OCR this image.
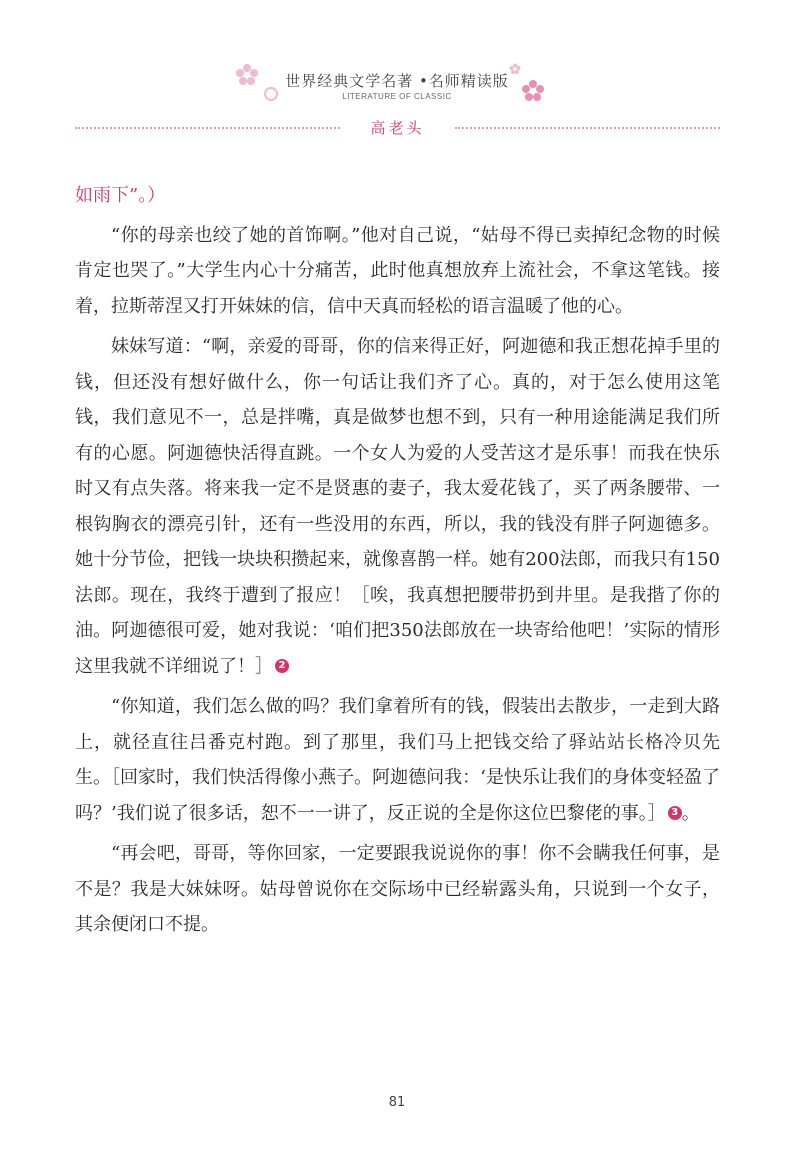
世界经典文学名著 •名师精读版
LITERATURE OF CLASSIC
高老头

如雨下”。）

“你的母亲也绞了她的首饰啊。”他对自己说，“姑母不得已卖掉纪念物的时候肯定也哭了。”大学生内心十分痛苦，此时他真想放弃上流社会，不拿这笔钱。接着，拉斯蒂涅又打开妹妹的信，信中天真而轻松的语言温暖了他的心。

妹妹写道：“啊，亲爱的哥哥，你的信来得正好，阿迦德和我正想花掉手里的钱，但还没有想好做什么，你一句话让我们齐了心。真的，对于怎么使用这笔钱，我们意见不一，总是拌嘴，真是做梦也想不到，只有一种用途能满足我们所有的心愿。阿迦德快活得直跳。一个女人为爱的人受苦这才是乐事！而我在快乐时又有点失落。将来我一定不是贤惠的妻子，我太爱花钱了，买了两条腰带、一根钩胸衣的漂亮引针，还有一些没用的东西，所以，我的钱没有胖子阿迦德多。她十分节俭，把钱一块块积攒起来，就像喜鹊一样。她有200法郎，而我只有150法郎。现在，我终于遭到了报应！［唉，我真想把腰带扔到井里。是我揩了你的油。阿迦德很可爱，她对我说：‘咱们把350法郎放在一块寄给他吧！’实际的情形这里我就不详细说了！］ 2

“你知道，我们怎么做的吗？我们拿着所有的钱，假装出去散步，一走到大路上，就径直往吕番克村跑。到了那里，我们马上把钱交给了驿站站长格冷贝先生。［回家时，我们快活得像小燕子。阿迦德问我：‘是快乐让我们的身体变轻盈了吗？’我们说了很多话，恕不一一讲了，反正说的全是你这位巴黎佬的事。］ 3 。

“再会吧，哥哥，等你回家，一定要跟我说说你的事！你不会瞒我任何事，是不是？我是大妹妹呀。姑母曾说你在交际场中已经崭露头角，只说到一个女子，其余便闭口不提。

81
